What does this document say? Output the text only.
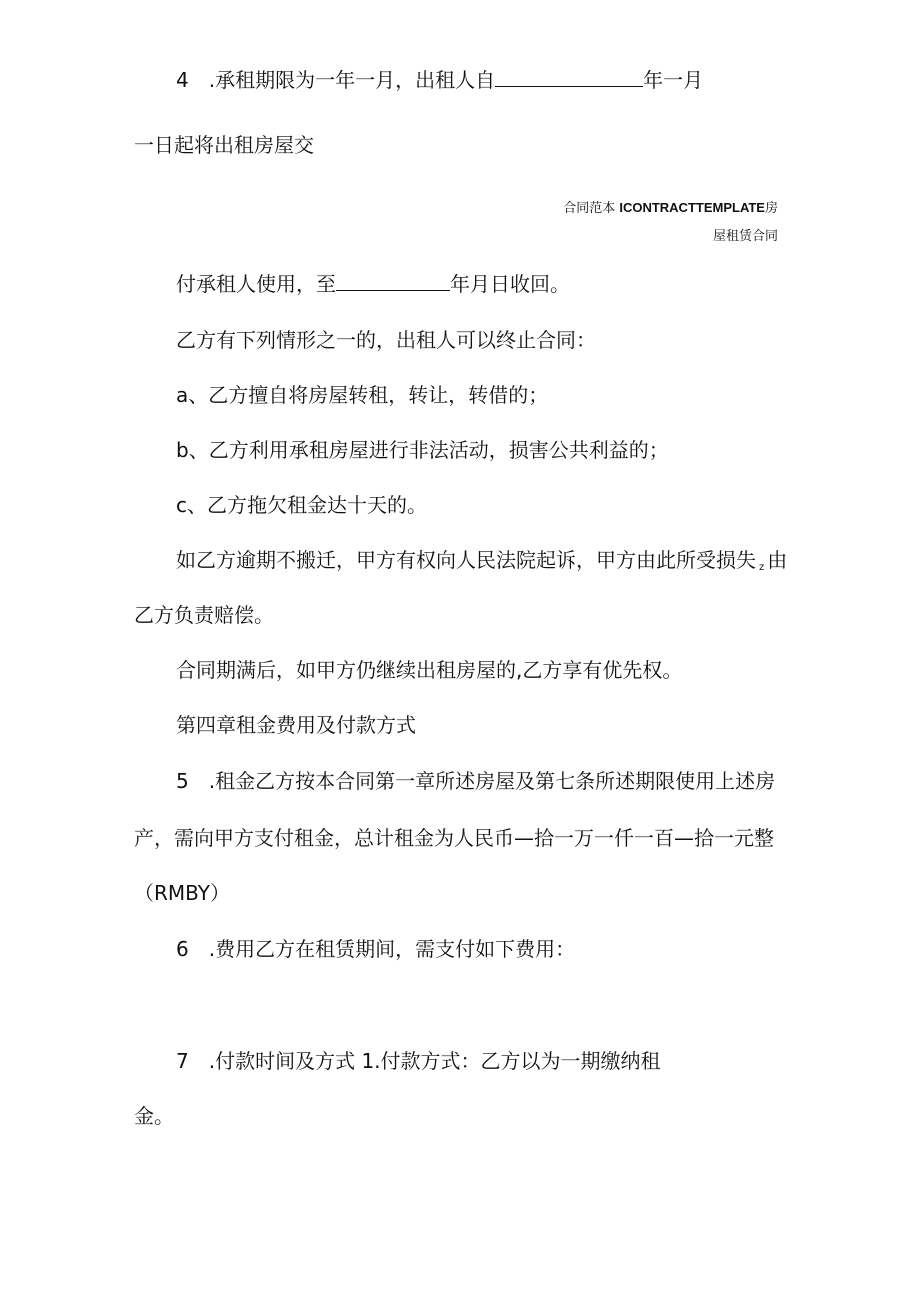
4　.承租期限为一年一月，出租人自	年一月
一日起将出租房屋交
合同范本 ICONTRACTTEMPLATE房
屋租赁合同
付承租人使用，至	年月日收回。
乙方有下列情形之一的，出租人可以终止合同：
a、乙方擅自将房屋转租，转让，转借的；
b、乙方利用承租房屋进行非法活动，损害公共利益的；
c、乙方拖欠租金达十天的。
如乙方逾期不搬迁，甲方有权向人民法院起诉，甲方由此所受损失 $_z$ 由
乙方负责赔偿。
合同期满后，如甲方仍继续出租房屋的,乙方享有优先权。
第四章租金费用及付款方式
5　.租金乙方按本合同第一章所述房屋及第七条所述期限使用上述房
产，需向甲方支付租金，总计租金为人民币—拾一万一仟一百—拾一元整
（RMBY）
6　.费用乙方在租赁期间，需支付如下费用：
7　.付款时间及方式 1.付款方式：乙方以为一期缴纳租
金。
